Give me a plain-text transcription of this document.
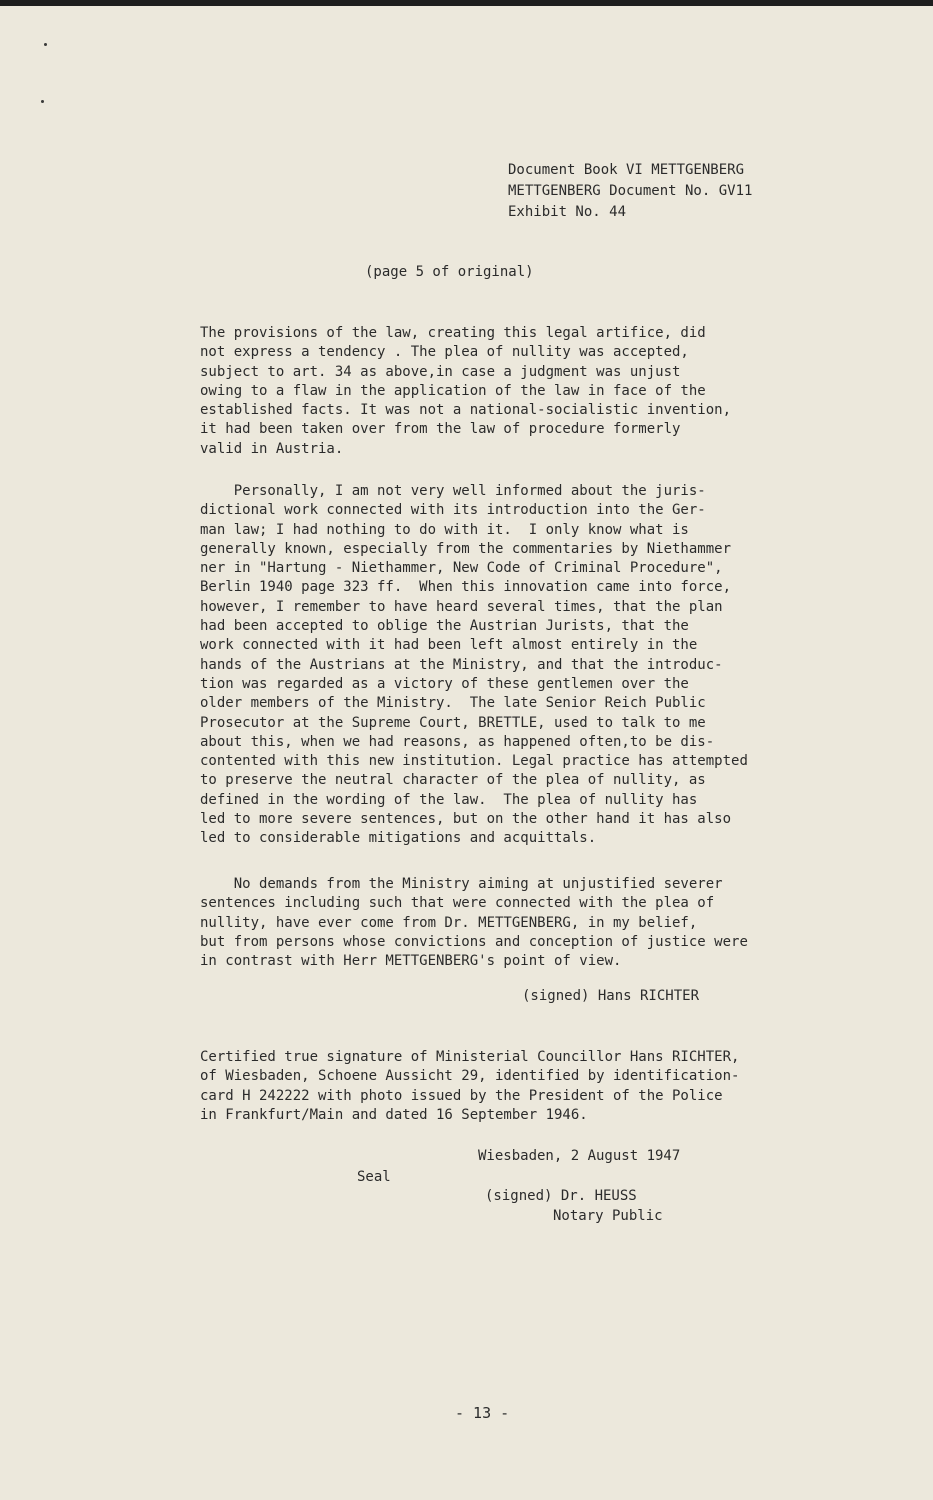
Document Book VI METTGENBERG
METTGENBERG Document No. GV11
Exhibit No. 44
(page 5 of original)

The provisions of the law, creating this legal artifice, did

not express a tendency . The plea of nullity was accepted,

subject to art. 34 as above,in case a judgment was unjust

owing to a flaw in the application of the law in face of the

established facts. It was not a national-socialistic invention,

it had been taken over from the law of procedure formerly

valid in Austria.

Personally, I am not very well informed about the juris-

dictional work connected with its introduction into the Ger-

man law; I had nothing to do with it.  I only know what is

generally known, especially from the commentaries by Niethammer

ner in "Hartung - Niethammer, New Code of Criminal Procedure",

Berlin 1940 page 323 ff.  When this innovation came into force,

however, I remember to have heard several times, that the plan

had been accepted to oblige the Austrian Jurists, that the

work connected with it had been left almost entirely in the

hands of the Austrians at the Ministry, and that the introduc-

tion was regarded as a victory of these gentlemen over the

older members of the Ministry.  The late Senior Reich Public

Prosecutor at the Supreme Court, BRETTLE, used to talk to me

about this, when we had reasons, as happened often,to be dis-

contented with this new institution. Legal practice has attempted

to preserve the neutral character of the plea of nullity, as

defined in the wording of the law.  The plea of nullity has

led to more severe sentences, but on the other hand it has also

led to considerable mitigations and acquittals.

No demands from the Ministry aiming at unjustified severer

sentences including such that were connected with the plea of

nullity, have ever come from Dr. METTGENBERG, in my belief,

but from persons whose convictions and conception of justice were

in contrast with Herr METTGENBERG's point of view.

(signed) Hans RICHTER

Certified true signature of Ministerial Councillor Hans RICHTER,

of Wiesbaden, Schoene Aussicht 29, identified by identification-

card H 242222 with photo issued by the President of the Police

in Frankfurt/Main and dated 16 September 1946.

Wiesbaden, 2 August 1947
Seal
(signed) Dr. HEUSS
Notary Public
- 13 -
